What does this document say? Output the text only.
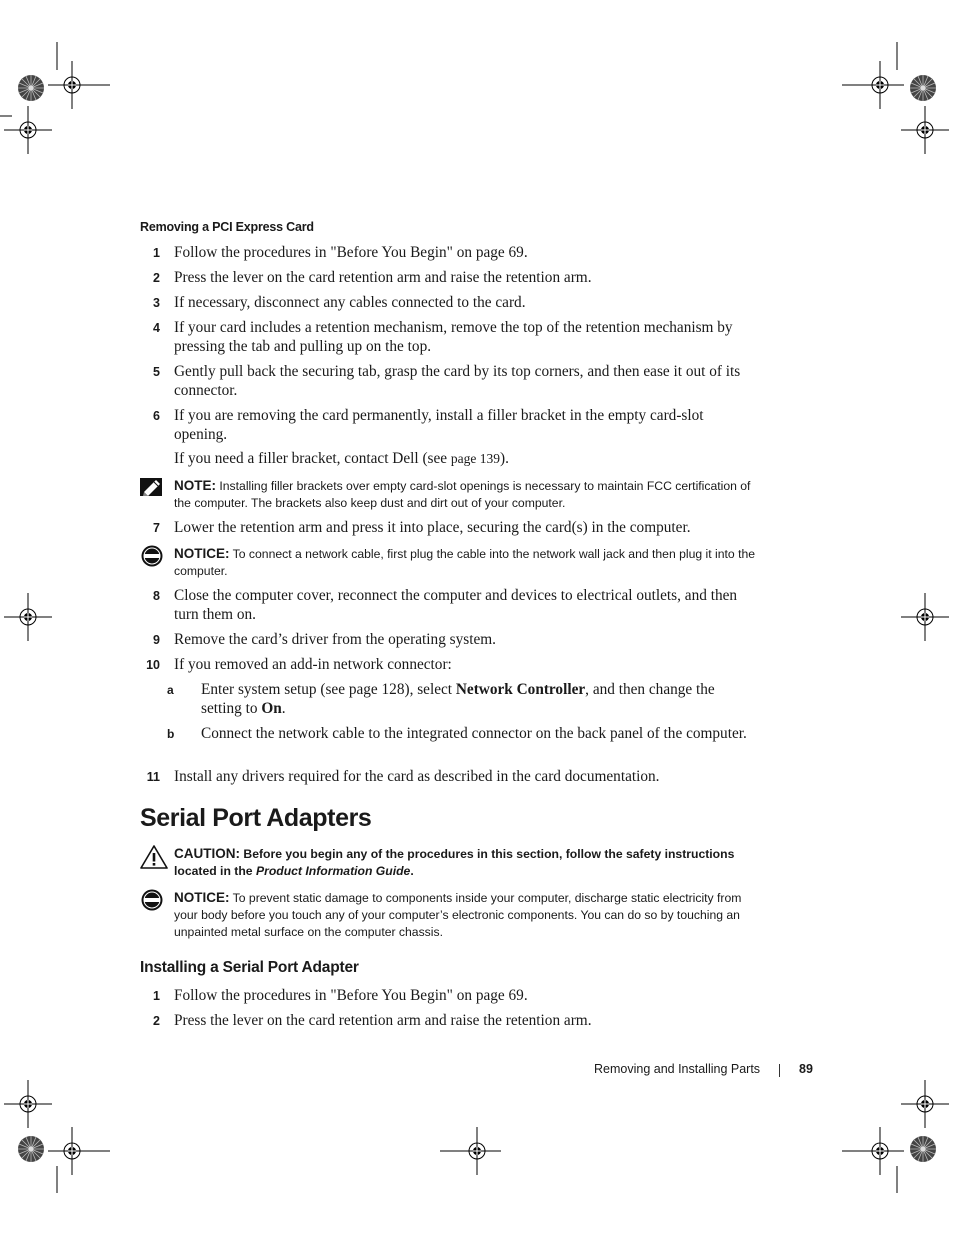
Removing a PCI Express Card
1 Follow the procedures in "Before You Begin" on page 69.
2 Press the lever on the card retention arm and raise the retention arm.
3 If necessary, disconnect any cables connected to the card.
4 If your card includes a retention mechanism, remove the top of the retention mechanism by pressing the tab and pulling up on the top.
5 Gently pull back the securing tab, grasp the card by its top corners, and then ease it out of its connector.
6 If you are removing the card permanently, install a filler bracket in the empty card-slot opening.
If you need a filler bracket, contact Dell (see page 139).
NOTE: Installing filler brackets over empty card-slot openings is necessary to maintain FCC certification of the computer. The brackets also keep dust and dirt out of your computer.
7 Lower the retention arm and press it into place, securing the card(s) in the computer.
NOTICE: To connect a network cable, first plug the cable into the network wall jack and then plug it into the computer.
8 Close the computer cover, reconnect the computer and devices to electrical outlets, and then turn them on.
9 Remove the card’s driver from the operating system.
10 If you removed an add-in network connector:
a	Enter system setup (see page 128), select Network Controller, and then change the setting to On.
b	Connect the network cable to the integrated connector on the back panel of the computer.
11 Install any drivers required for the card as described in the card documentation.
Serial Port Adapters
CAUTION: Before you begin any of the procedures in this section, follow the safety instructions located in the Product Information Guide.
NOTICE: To prevent static damage to components inside your computer, discharge static electricity from your body before you touch any of your computer’s electronic components. You can do so by touching an unpainted metal surface on the computer chassis.
Installing a Serial Port Adapter
1 Follow the procedures in "Before You Begin" on page 69.
2 Press the lever on the card retention arm and raise the retention arm.
Removing and Installing Parts	89
